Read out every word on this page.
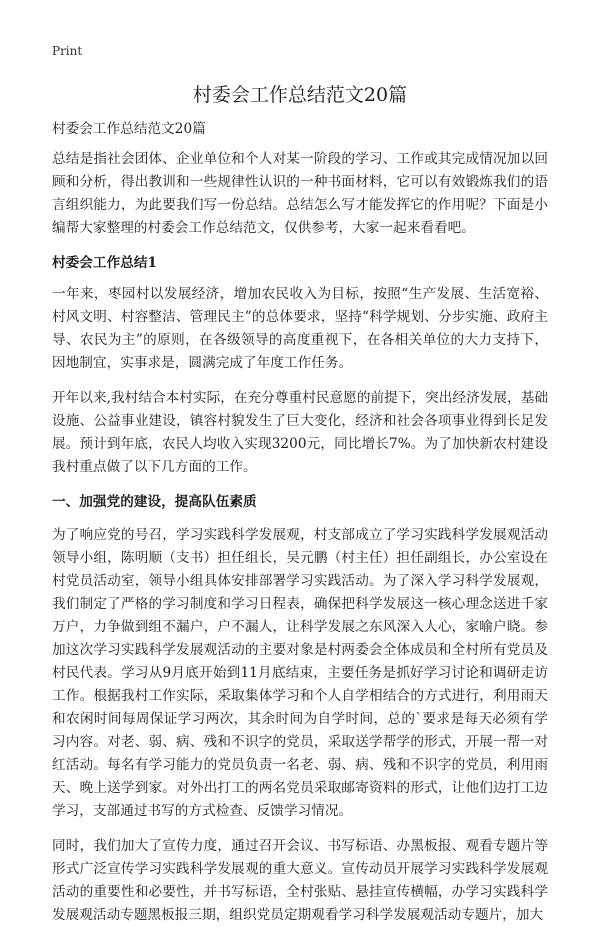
Print
村委会工作总结范文20篇

村委会工作总结范文20篇

总结是指社会团体、企业单位和个人对某一阶段的学习、工作或其完成情况加以回顾和分析，得出教训和一些规律性认识的一种书面材料，它可以有效锻炼我们的语言组织能力，为此要我们写一份总结。总结怎么写才能发挥它的作用呢？下面是小编帮大家整理的村委会工作总结范文，仅供参考，大家一起来看看吧。

村委会工作总结1

一年来，枣园村以发展经济，增加农民收入为目标，按照“生产发展、生活宽裕、村风文明、村容整洁、管理民主”的总体要求，坚持“科学规划、分步实施、政府主导、农民为主”的原则，在各级领导的高度重视下，在各相关单位的大力支持下，因地制宜，实事求是，圆满完成了年度工作任务。

开年以来,我村结合本村实际，在充分尊重村民意愿的前提下，突出经济发展，基础设施、公益事业建设，镇容村貌发生了巨大变化，经济和社会各项事业得到长足发展。预计到年底，农民人均收入实现3200元，同比增长7%。为了加快新农村建设我村重点做了以下几方面的工作。

一、加强党的建设，提高队伍素质

为了响应党的号召，学习实践科学发展观，村支部成立了学习实践科学发展观活动领导小组，陈明顺（支书）担任组长，吴元鹏（村主任）担任副组长，办公室设在村党员活动室，领导小组具体安排部署学习实践活动。为了深入学习科学发展观，我们制定了严格的学习制度和学习日程表，确保把科学发展这一核心理念送进千家万户，力争做到组不漏户，户不漏人，让科学发展之东风深入人心，家喻户晓。参加这次学习实践科学发展观活动的主要对象是村两委会全体成员和全村所有党员及村民代表。学习从9月底开始到11月底结束，主要任务是抓好学习讨论和调研走访工作。根据我村工作实际，采取集体学习和个人自学相结合的方式进行，利用雨天和农闲时间每周保证学习两次，其余时间为自学时间，总的`要求是每天必须有学习内容。对老、弱、病、残和不识字的党员，采取送学帮学的形式，开展一帮一对红活动。每名有学习能力的党员负责一名老、弱、病、残和不识字的党员，利用雨天、晚上送学到家。对外出打工的两名党员采取邮寄资料的形式，让他们边打工边学习，支部通过书写的方式检查、反馈学习情况。

同时，我们加大了宣传力度，通过召开会议、书写标语、办黑板报、观看专题片等形式广泛宣传学习实践科学发展观的重大意义。宣传动员开展学习实践科学发展观活动的重要性和必要性，并书写标语，全村张贴、悬挂宣传横幅，办学习实践科学发展观活动专题黑板报三期，组织党员定期观看学习科学发展观活动专题片，加大
